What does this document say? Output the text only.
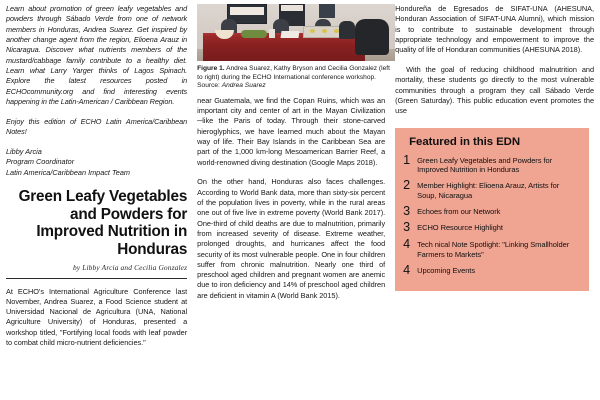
Learn about promotion of green leafy vegetables and powders through Sábado Verde from one of network members in Honduras, Andrea Suarez. Get inspired by another change agent from the region, Elioena Arauz in Nicaragua. Discover what nutrients members of the mustard/cabbage family contribute to a healthy diet. Learn what Larry Yarger thinks of Lagos Spinach. Explore the latest resources posted in ECHOcommunity.org and find interesting events happening in the Latin-American / Caribbean Region.

Enjoy this edition of ECHO Latin America/Caribbean Notes!

Libby Arcia
Program Coordinator
Latin America/Caribbean Impact Team
Green Leafy Vegetables and Powders for Improved Nutrition in Honduras
by Libby Arcia and Cecilia Gonzalez

At ECHO's International Agriculture Conference last November, Andrea Suarez, a Food Science student at Universidad Nacional de Agricultura (UNA, National Agriculture University) of Honduras, presented a workshop titled, "Fortifying local foods with leaf powder to combat child micro-nutrient deficiencies."

Figure 1. Andrea Suarez, Kathy Bryson and Cecilia Gonzalez (left to right) during the ECHO International conference workshop. Source: Andrea Suarez

near Guatemala, we find the Copan Ruins, which was an important city and center of art in the Mayan Civilization ─like the Paris of today. Through their stone-carved hieroglyphics, we have learned much about the Mayan way of life. Their Bay Islands in the Caribbean Sea are part of the 1,000 km-long Mesoamerican Barrier Reef, a world-renowned diving destination (Google Maps 2018).

On the other hand, Honduras also faces challenges. According to World Bank data, more than sixty-six percent of the population lives in poverty, while in the rural areas one out of five live in extreme poverty (World Bank 2017). One-third of child deaths are due to malnutrition, primarily from increased severity of disease. Extreme weather, prolonged droughts, and hurricanes affect the food security of its most vulnerable people. One in four children suffer from chronic malnutrition. Nearly one third of preschool aged children and pregnant women are anemic due to iron deficiency and 14% of preschool aged children are deficient in vitamin A (World Bank 2015).

Hondureña de Egresados de SIFAT-UNA (AHESUNA, Honduran Association of SIFAT-UNA Alumni), which mission is to contribute to sustainable development through appropriate technology and empowerment to improve the quality of life of Honduran communities (AHESUNA 2018).

With the goal of reducing childhood malnutrition and mortality, these students go directly to the most vulnerable communities through a program they call Sábado Verde (Green Saturday). This public education event promotes the use

Featured in this EDN
1 Green Leafy Vegetables and Powders for Improved Nutrition in Honduras
2 Member Highlight: Elioena Arauz, Artists for Soup, Nicaragua
3 Echoes from our Network
3 ECHO Resource Highlight
4 Tech nical Note Spotlight: "Linking Smallholder Farmers to Markets"
4 Upcoming Events
